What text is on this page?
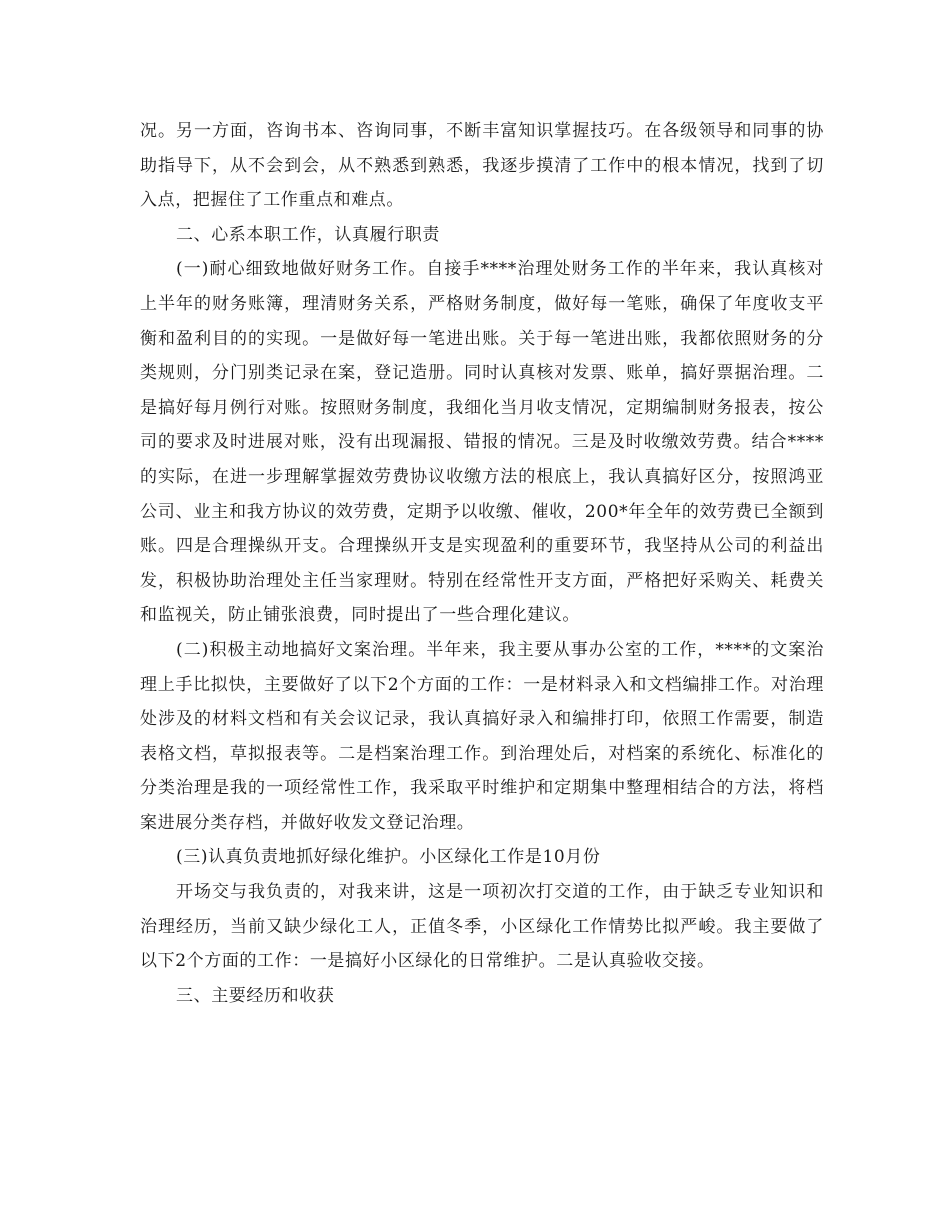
况。另一方面，咨询书本、咨询同事，不断丰富知识掌握技巧。在各级领导和同事的协助指导下，从不会到会，从不熟悉到熟悉，我逐步摸清了工作中的根本情况，找到了切入点，把握住了工作重点和难点。

二、心系本职工作，认真履行职责

(一)耐心细致地做好财务工作。自接手****治理处财务工作的半年来，我认真核对上半年的财务账簿，理清财务关系，严格财务制度，做好每一笔账，确保了年度收支平衡和盈利目的的实现。一是做好每一笔进出账。关于每一笔进出账，我都依照财务的分类规则，分门别类记录在案，登记造册。同时认真核对发票、账单，搞好票据治理。二是搞好每月例行对账。按照财务制度，我细化当月收支情况，定期编制财务报表，按公司的要求及时进展对账，没有出现漏报、错报的情况。三是及时收缴效劳费。结合****的实际，在进一步理解掌握效劳费协议收缴方法的根底上，我认真搞好区分，按照鸿亚公司、业主和我方协议的效劳费，定期予以收缴、催收，200*年全年的效劳费已全额到账。四是合理操纵开支。合理操纵开支是实现盈利的重要环节，我坚持从公司的利益出发，积极协助治理处主任当家理财。特别在经常性开支方面，严格把好采购关、耗费关和监视关，防止铺张浪费，同时提出了一些合理化建议。

(二)积极主动地搞好文案治理。半年来，我主要从事办公室的工作，****的文案治理上手比拟快，主要做好了以下2个方面的工作：一是材料录入和文档编排工作。对治理处涉及的材料文档和有关会议记录，我认真搞好录入和编排打印，依照工作需要，制造表格文档，草拟报表等。二是档案治理工作。到治理处后，对档案的系统化、标准化的分类治理是我的一项经常性工作，我采取平时维护和定期集中整理相结合的方法，将档案进展分类存档，并做好收发文登记治理。

(三)认真负责地抓好绿化维护。小区绿化工作是10月份

开场交与我负责的，对我来讲，这是一项初次打交道的工作，由于缺乏专业知识和治理经历，当前又缺少绿化工人，正值冬季，小区绿化工作情势比拟严峻。我主要做了以下2个方面的工作：一是搞好小区绿化的日常维护。二是认真验收交接。

三、主要经历和收获
